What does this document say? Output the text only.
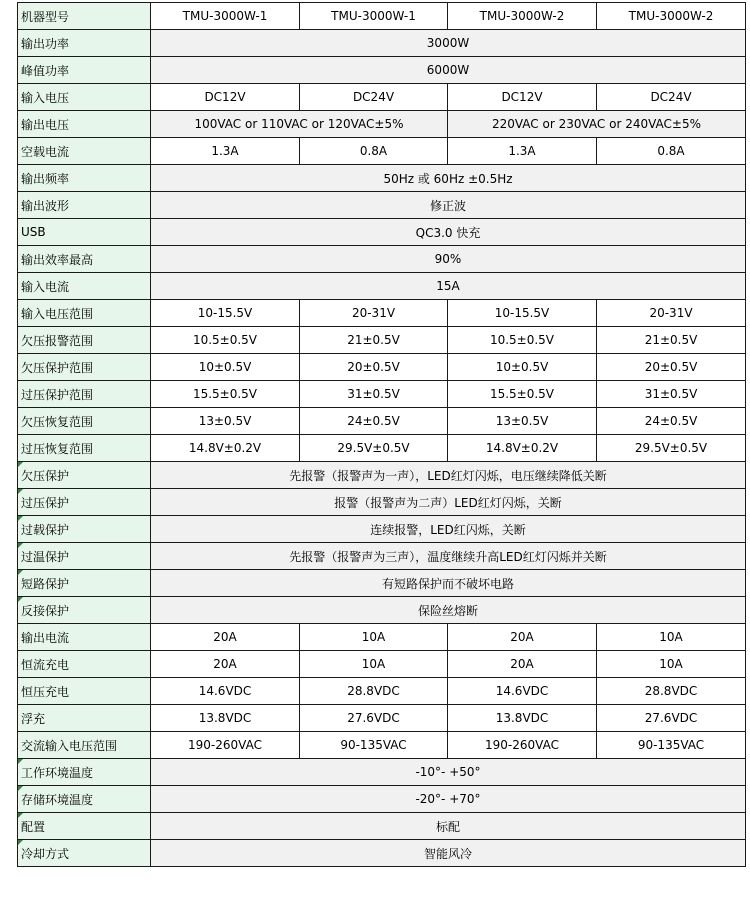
机器型号	TMU-3000W-1	TMU-3000W-1	TMU-3000W-2	TMU-3000W-2
输出功率	3000W			
峰值功率	6000W			
输入电压	DC12V	DC24V	DC12V	DC24V
输出电压	100VAC or 110VAC or 120VAC±5%		220VAC or 230VAC or 240VAC±5%	
空载电流	1.3A	0.8A	1.3A	0.8A
输出频率	50Hz 或 60Hz ±0.5Hz			
输出波形	修正波			
USB	QC3.0 快充			
输出效率最高	90%			
输入电流	15A			
输入电压范围	10-15.5V	20-31V	10-15.5V	20-31V
欠压报警范围	10.5±0.5V	21±0.5V	10.5±0.5V	21±0.5V
欠压保护范围	10±0.5V	20±0.5V	10±0.5V	20±0.5V
过压保护范围	15.5±0.5V	31±0.5V	15.5±0.5V	31±0.5V
欠压恢复范围	13±0.5V	24±0.5V	13±0.5V	24±0.5V
过压恢复范围	14.8V±0.2V	29.5V±0.5V	14.8V±0.2V	29.5V±0.5V

欠压保护	先报警（报警声为一声），LED红灯闪烁，电压继续降低关断			

过压保护	报警（报警声为二声）LED红灯闪烁，关断			

过载保护	连续报警，LED红闪烁，关断			

过温保护	先报警（报警声为三声），温度继续升高LED红灯闪烁并关断			

短路保护	有短路保护而不破坏电路			

反接保护	保险丝熔断			
输出电流	20A	10A	20A	10A
恒流充电	20A	10A	20A	10A
恒压充电	14.6VDC	28.8VDC	14.6VDC	28.8VDC
浮充	13.8VDC	27.6VDC	13.8VDC	27.6VDC
交流输入电压范围	190-260VAC	90-135VAC	190-260VAC	90-135VAC

工作环境温度	-10°- +50°			

存储环境温度	-20°- +70°			

配置	标配			

冷却方式	智能风冷			
